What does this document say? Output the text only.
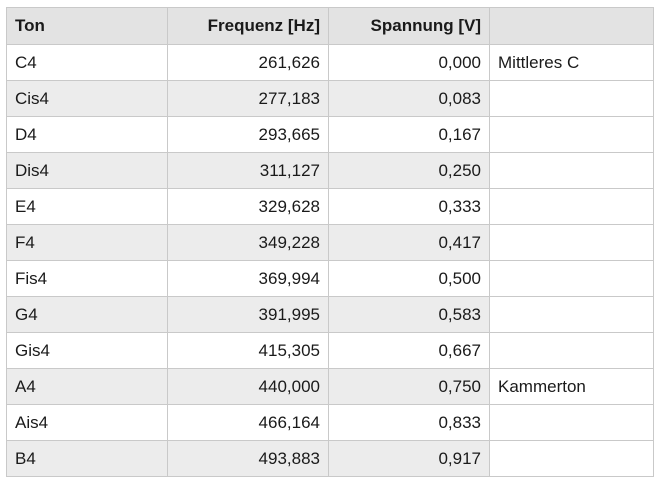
Ton	Frequenz [Hz]	Spannung [V]	
C4	261,626	0,000	Mittleres C
Cis4	277,183	0,083	
D4	293,665	0,167	
Dis4	311,127	0,250	
E4	329,628	0,333	
F4	349,228	0,417	
Fis4	369,994	0,500	
G4	391,995	0,583	
Gis4	415,305	0,667	
A4	440,000	0,750	Kammerton
Ais4	466,164	0,833	
B4	493,883	0,917	
